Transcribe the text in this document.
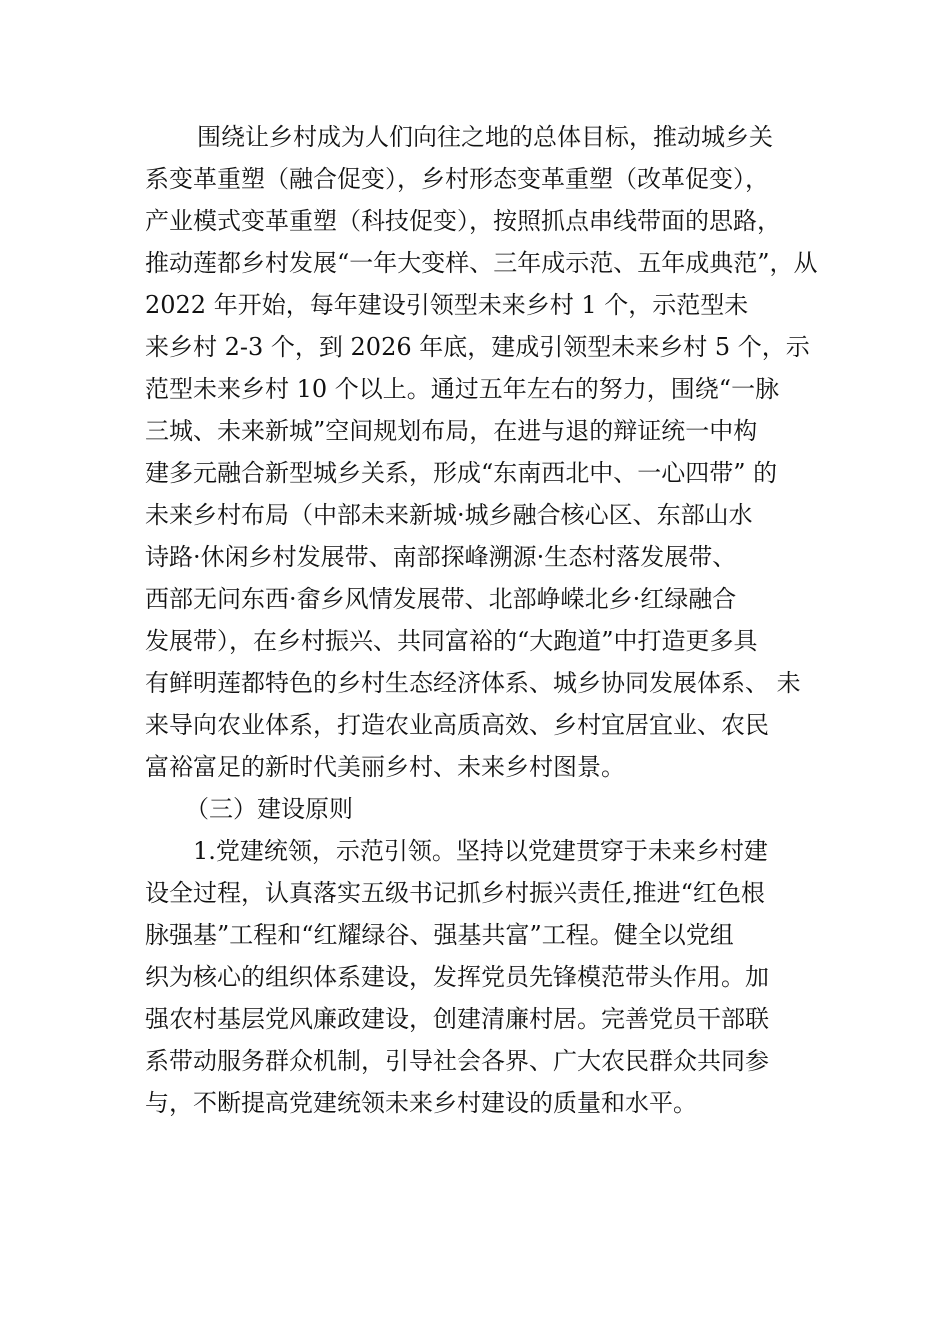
围绕让乡村成为人们向往之地的总体目标，推动城乡关
系变革重塑（融合促变），乡村形态变革重塑（改革促变），
产业模式变革重塑（科技促变），按照抓点串线带面的思路，
推动莲都乡村发展“一年大变样、三年成示范、五年成典范”，从
2022 年开始，每年建设引领型未来乡村 1 个，示范型未
来乡村 2-3 个，到 2026 年底，建成引领型未来乡村 5 个，示
范型未来乡村 10 个以上。通过五年左右的努力，围绕“一脉
三城、未来新城”空间规划布局，在进与退的辩证统一中构
建多元融合新型城乡关系，形成“东南西北中、一心四带” 的
未来乡村布局（中部未来新城·城乡融合核心区、东部山水
诗路·休闲乡村发展带、南部探峰溯源·生态村落发展带、
西部无问东西·畲乡风情发展带、北部峥嵘北乡·红绿融合
发展带），在乡村振兴、共同富裕的“大跑道”中打造更多具
有鲜明莲都特色的乡村生态经济体系、城乡协同发展体系、 未
来导向农业体系，打造农业高质高效、乡村宜居宜业、农民
富裕富足的新时代美丽乡村、未来乡村图景。
（三）建设原则
1.党建统领，示范引领。坚持以党建贯穿于未来乡村建
设全过程，认真落实五级书记抓乡村振兴责任,推进“红色根
脉强基”工程和“红耀绿谷、强基共富”工程。健全以党组
织为核心的组织体系建设，发挥党员先锋模范带头作用。加
强农村基层党风廉政建设，创建清廉村居。完善党员干部联
系带动服务群众机制，引导社会各界、广大农民群众共同参
与，不断提高党建统领未来乡村建设的质量和水平。
